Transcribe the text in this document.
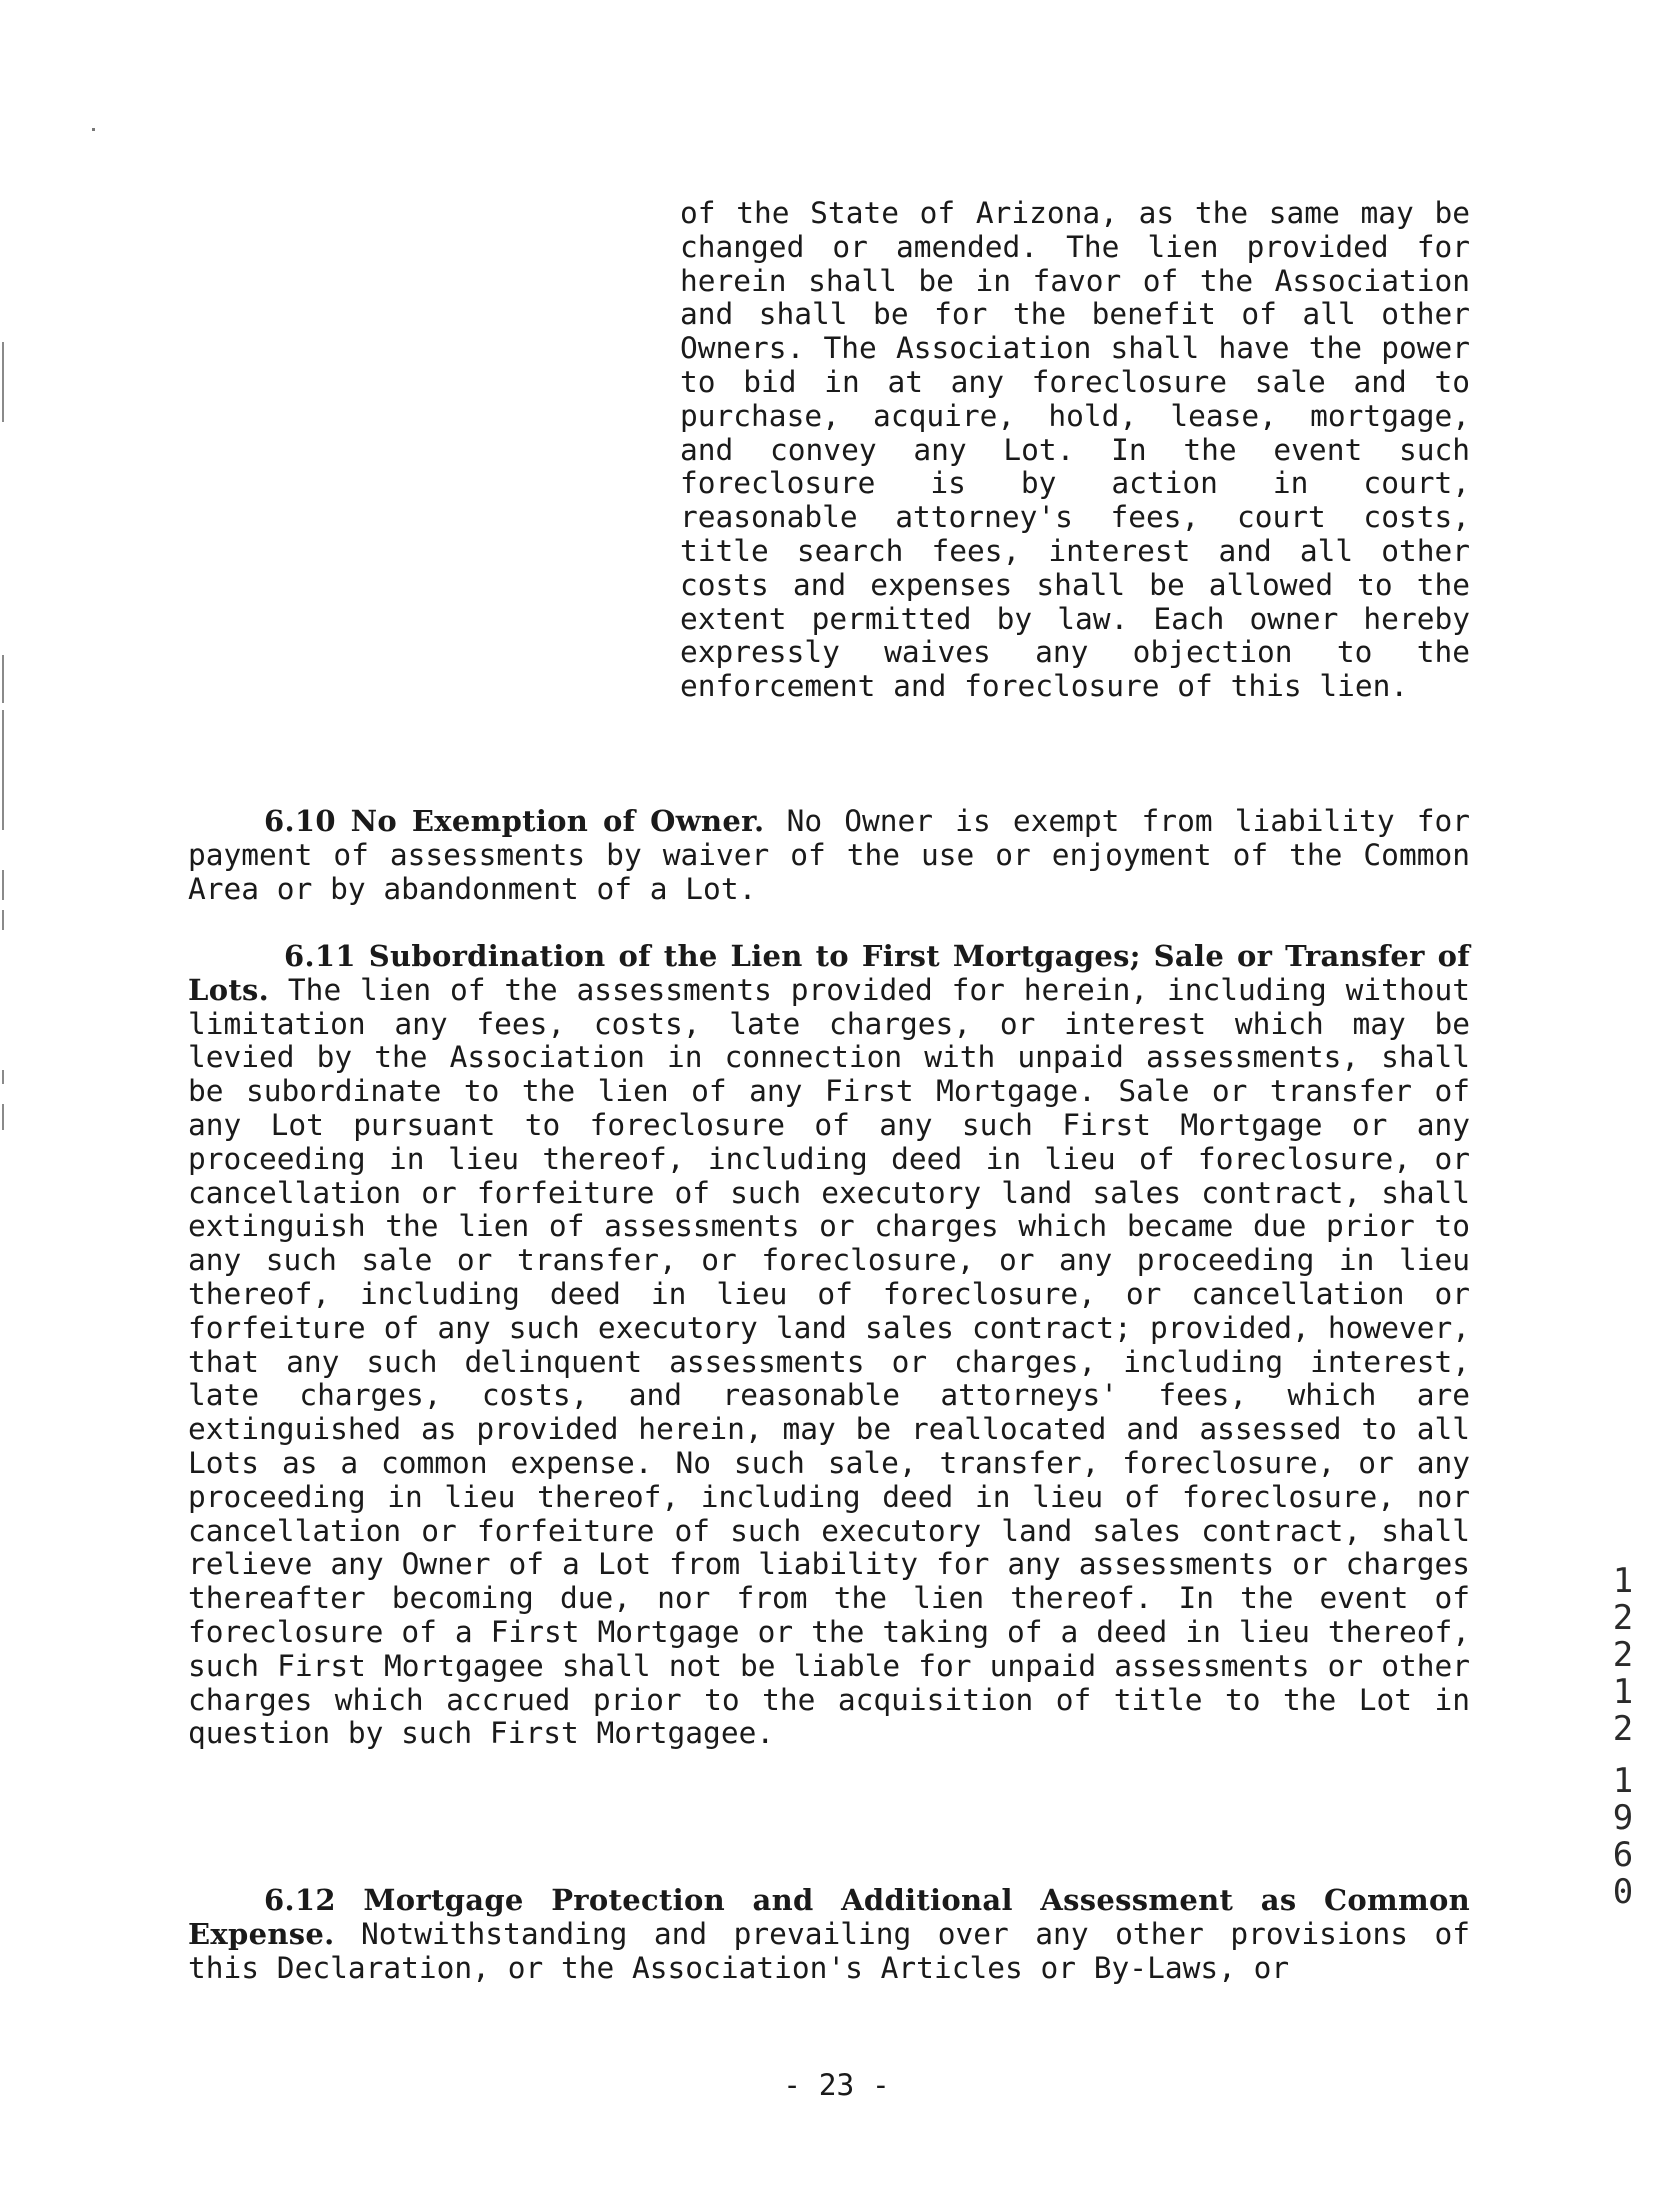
of the State of Arizona, as the same may be changed or amended. The lien provided for herein shall be in favor of the Association and shall be for the benefit of all other Owners. The Association shall have the power to bid in at any foreclosure sale and to purchase, acquire, hold, lease, mortgage, and convey any Lot. In the event such foreclosure is by action in court, reasonable attorney's fees, court costs, title search fees, interest and all other costs and expenses shall be allowed to the extent permitted by law. Each owner hereby expressly waives any objection to the enforcement and foreclosure of this lien.

6.10 No Exemption of Owner. No Owner is exempt from liability for payment of assessments by waiver of the use or enjoyment of the Common Area or by abandonment of a Lot.

6.11 Subordination of the Lien to First Mortgages; Sale or Transfer of Lots. The lien of the assessments provided for herein, including without limitation any fees, costs, late charges, or interest which may be levied by the Association in connection with unpaid assessments, shall be subordinate to the lien of any First Mortgage. Sale or transfer of any Lot pursuant to foreclosure of any such First Mortgage or any proceeding in lieu thereof, including deed in lieu of foreclosure, or cancellation or forfeiture of such executory land sales contract, shall extinguish the lien of assessments or charges which became due prior to any such sale or transfer, or foreclosure, or any proceeding in lieu thereof, including deed in lieu of foreclosure, or cancellation or forfeiture of any such executory land sales contract; provided, however, that any such delinquent assessments or charges, including interest, late charges, costs, and reasonable attorneys' fees, which are extinguished as provided herein, may be reallocated and assessed to all Lots as a common expense. No such sale, transfer, foreclosure, or any proceeding in lieu thereof, including deed in lieu of foreclosure, nor cancellation or forfeiture of such executory land sales contract, shall relieve any Owner of a Lot from liability for any assessments or charges thereafter becoming due, nor from the lien thereof. In the event of foreclosure of a First Mortgage or the taking of a deed in lieu thereof, such First Mortgagee shall not be liable for unpaid assessments or other charges which accrued prior to the acquisition of title to the Lot in question by such First Mortgagee.

6.12 Mortgage Protection and Additional Assessment as Common Expense. Notwithstanding and prevailing over any other provisions of this Declaration, or the Association's Articles or By-Laws, or

1
2
2
1
2
1
9
6
0
- 23 -
